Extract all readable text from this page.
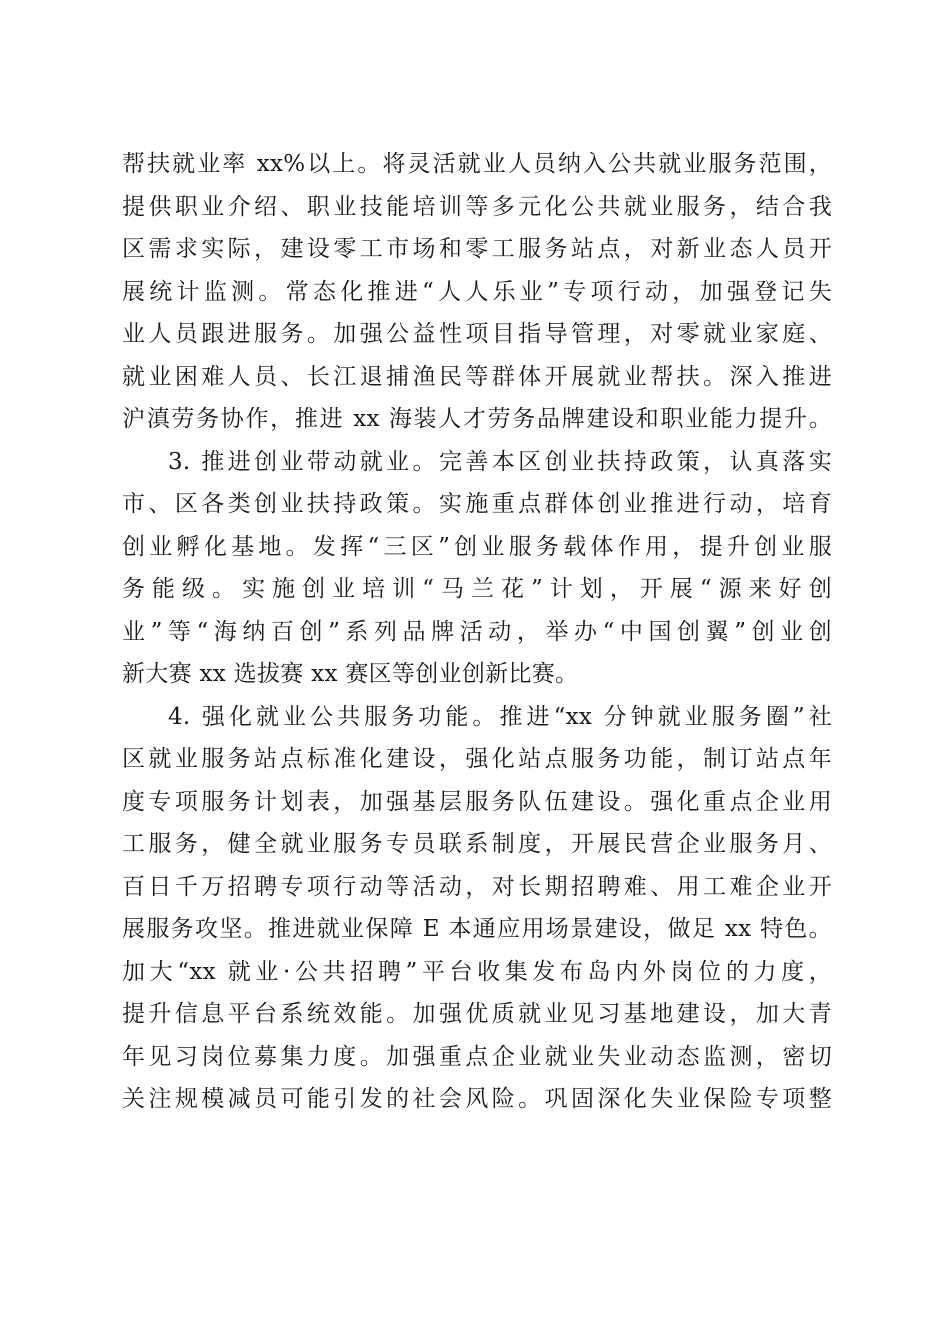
帮扶就业率 xx%以上。将灵活就业人员纳入公共就业服务范围，
提供职业介绍、职业技能培训等多元化公共就业服务，结合我
区需求实际，建设零工市场和零工服务站点，对新业态人员开
展统计监测。常态化推进“人人乐业”专项行动，加强登记失
业人员跟进服务。加强公益性项目指导管理，对零就业家庭、
就业困难人员、长江退捕渔民等群体开展就业帮扶。深入推进
沪滇劳务协作，推进 xx 海装人才劳务品牌建设和职业能力提升。
3. 推进创业带动就业。完善本区创业扶持政策，认真落实
市、区各类创业扶持政策。实施重点群体创业推进行动，培育
创业孵化基地。发挥“三区”创业服务载体作用，提升创业服
务能级。实施创业培训“马兰花”计划，开展“源来好创
业”等“海纳百创”系列品牌活动，举办“中国创翼”创业创
新大赛 xx 选拔赛 xx 赛区等创业创新比赛。
4. 强化就业公共服务功能。推进“xx 分钟就业服务圈”社
区就业服务站点标准化建设，强化站点服务功能，制订站点年
度专项服务计划表，加强基层服务队伍建设。强化重点企业用
工服务，健全就业服务专员联系制度，开展民营企业服务月、
百日千万招聘专项行动等活动，对长期招聘难、用工难企业开
展服务攻坚。推进就业保障 E 本通应用场景建设，做足 xx 特色。
加大“xx 就业·公共招聘”平台收集发布岛内外岗位的力度，
提升信息平台系统效能。加强优质就业见习基地建设，加大青
年见习岗位募集力度。加强重点企业就业失业动态监测，密切
关注规模减员可能引发的社会风险。巩固深化失业保险专项整
